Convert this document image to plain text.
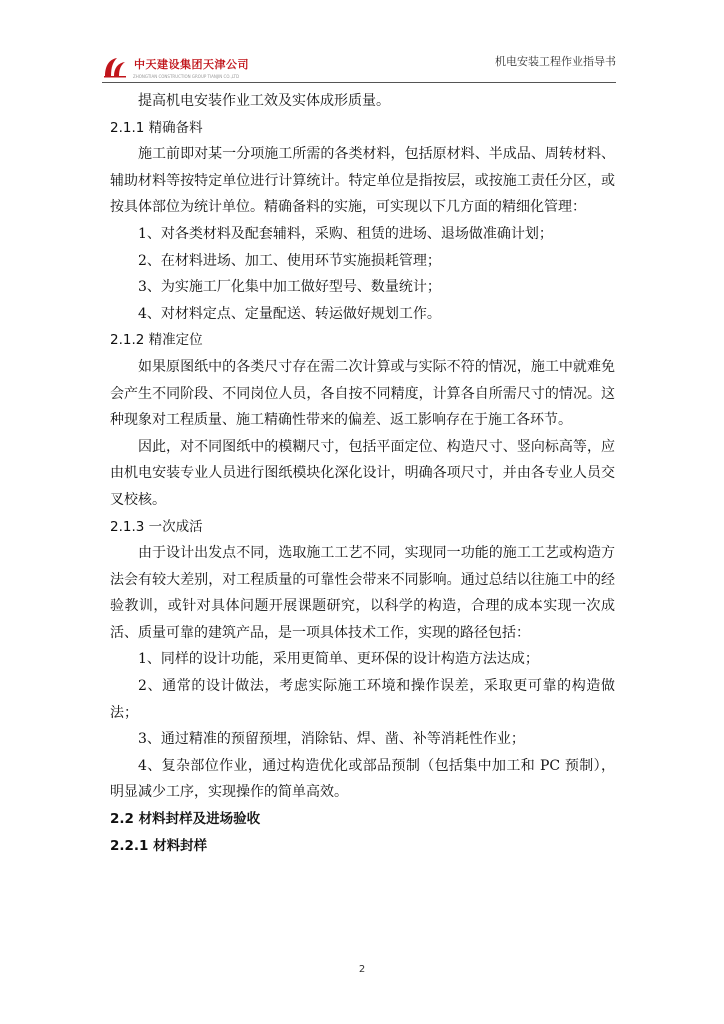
中天建设集团天津公司
ZHONGTIAN CONSTRUCTION GROUP TIANJIN CO.,LTD
机电安装工程作业指导书

提高机电安装作业工效及实体成形质量。

2.1.1 精确备料

施工前即对某一分项施工所需的各类材料，包括原材料、半成品、周转材料、辅助材料等按特定单位进行计算统计。特定单位是指按层，或按施工责任分区，或按具体部位为统计单位。精确备料的实施，可实现以下几方面的精细化管理：

1、对各类材料及配套辅料，采购、租赁的进场、退场做准确计划；

2、在材料进场、加工、使用环节实施损耗管理；

3、为实施工厂化集中加工做好型号、数量统计；

4、对材料定点、定量配送、转运做好规划工作。

2.1.2 精准定位

如果原图纸中的各类尺寸存在需二次计算或与实际不符的情况，施工中就难免会产生不同阶段、不同岗位人员，各自按不同精度，计算各自所需尺寸的情况。这种现象对工程质量、施工精确性带来的偏差、返工影响存在于施工各环节。

因此，对不同图纸中的模糊尺寸，包括平面定位、构造尺寸、竖向标高等，应由机电安装专业人员进行图纸模块化深化设计，明确各项尺寸，并由各专业人员交叉校核。

2.1.3 一次成活

由于设计出发点不同，选取施工工艺不同，实现同一功能的施工工艺或构造方法会有较大差别，对工程质量的可靠性会带来不同影响。通过总结以往施工中的经验教训，或针对具体问题开展课题研究，以科学的构造，合理的成本实现一次成活、质量可靠的建筑产品，是一项具体技术工作，实现的路径包括：

1、同样的设计功能，采用更简单、更环保的设计构造方法达成；

2、通常的设计做法，考虑实际施工环境和操作误差，采取更可靠的构造做法；

3、通过精准的预留预埋，消除钻、焊、凿、补等消耗性作业；

4、复杂部位作业，通过构造优化或部品预制（包括集中加工和 PC 预制），明显减少工序，实现操作的简单高效。

2.2 材料封样及进场验收

2.2.1 材料封样

2
